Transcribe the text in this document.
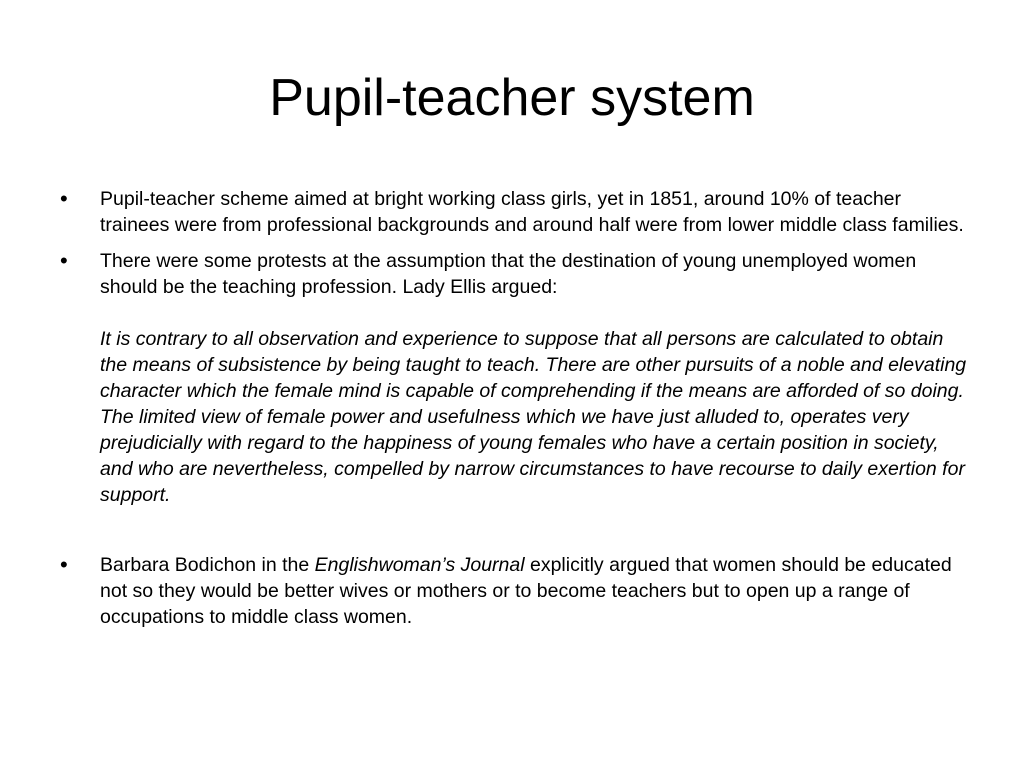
Pupil-teacher system
•	Pupil-teacher scheme aimed at bright working class girls, yet in 1851, around 10% of teacher trainees were from professional backgrounds and around half were from lower middle class families.
•	There were some protests at the assumption that the destination of young unemployed women should be the teaching profession. Lady Ellis argued:
It is contrary to all observation and experience to suppose that all persons are calculated to obtain the means of subsistence by being taught to teach. There are other pursuits of a noble and elevating character which the female mind is capable of comprehending if the means are afforded of so doing. The limited view of female power and usefulness which we have just alluded to, operates very prejudicially with regard to the happiness of young females who have a certain position in society, and who are nevertheless, compelled by narrow circumstances to have recourse to daily exertion for support.
•	Barbara Bodichon in the Englishwoman’s Journal explicitly argued that women should be educated not so they would be better wives or mothers or to become teachers but to open up a range of occupations to middle class women.
